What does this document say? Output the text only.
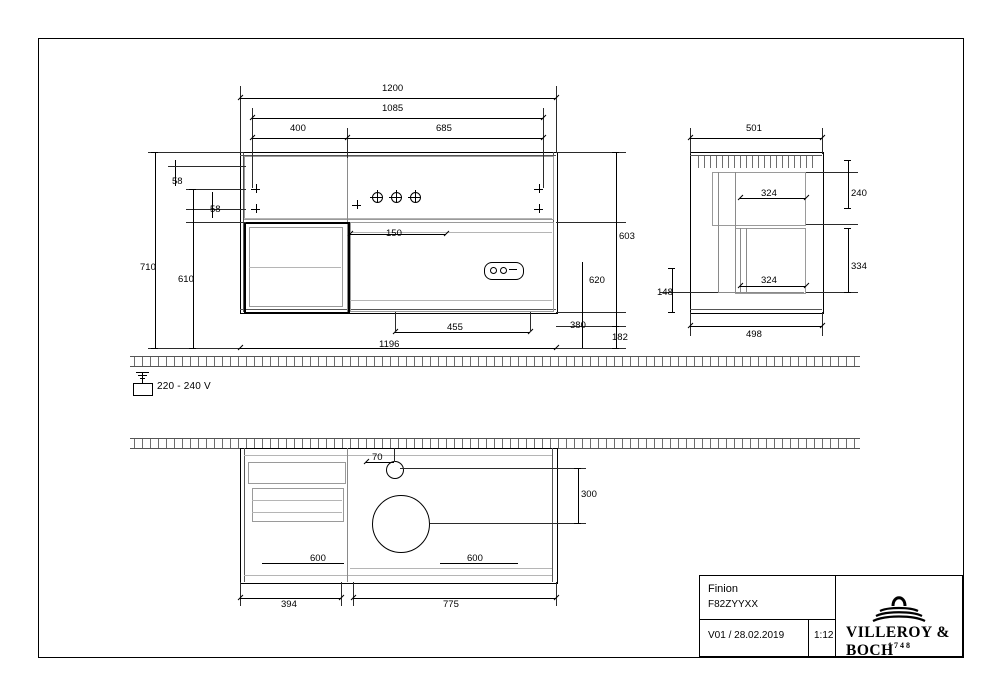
1200
1085
400	685
710
610
58
58
603
620
380
182
150
455
1196
220 - 240 V
501
324
324
240
334
148
498
70
300
600	600
394	775
Finion
F82ZYYXX
V01 / 28.02.2019	1:12 VILLEROY & BOCH
1748
